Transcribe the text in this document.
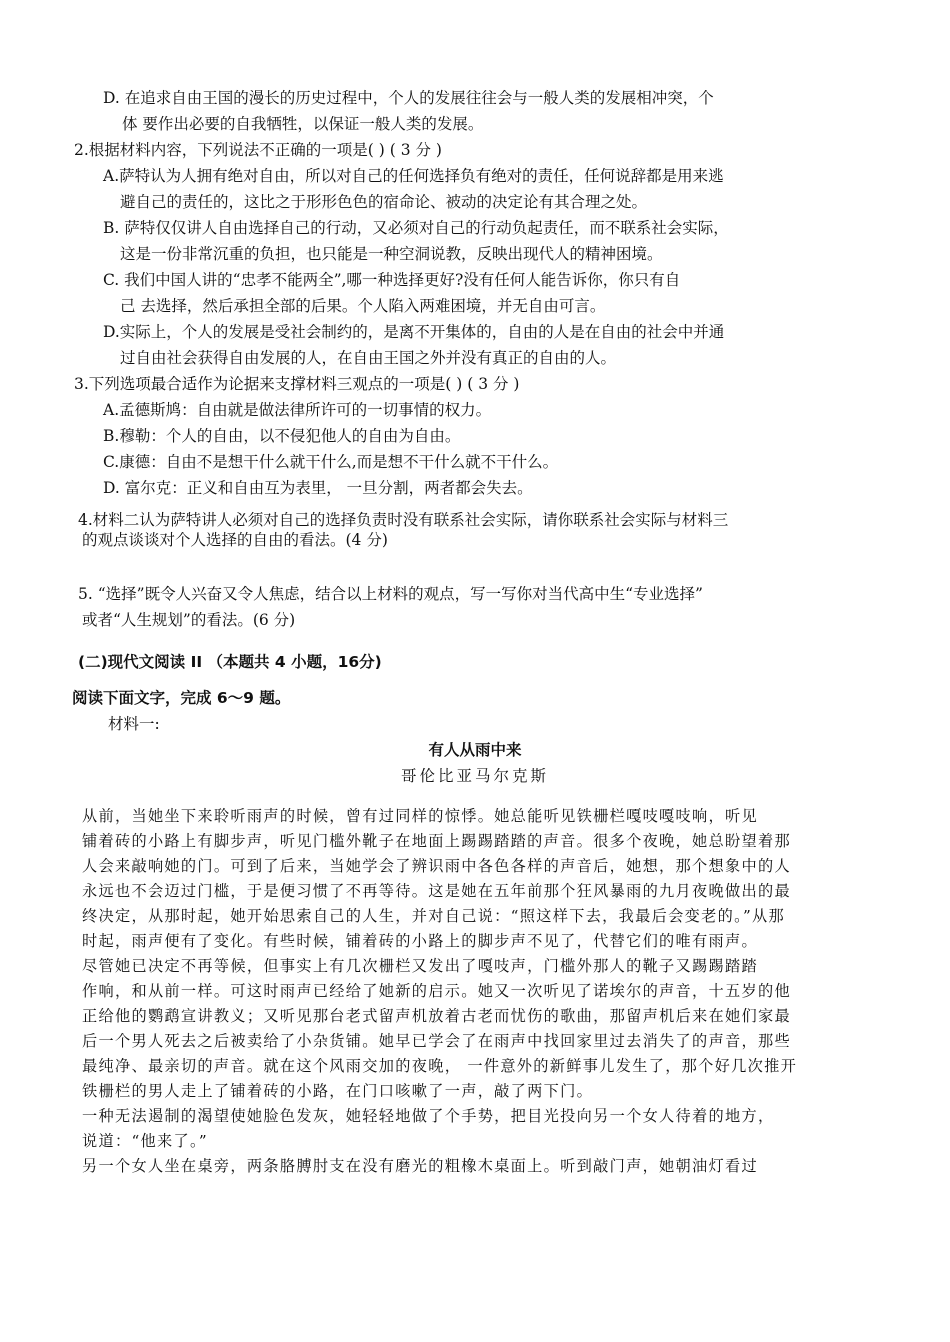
D. 在追求自由王国的漫长的历史过程中，个人的发展往往会与一般人类的发展相冲突，个
体 要作出必要的自我牺牲，以保证一般人类的发展。
2.根据材料内容，下列说法不正确的一项是( ) ( 3 分 )
A.萨特认为人拥有绝对自由，所以对自己的任何选择负有绝对的责任，任何说辞都是用来逃
避自己的责任的，这比之于形形色色的宿命论、被动的决定论有其合理之处。
B. 萨特仅仅讲人自由选择自己的行动，又必须对自己的行动负起责任，而不联系社会实际，
这是一份非常沉重的负担，也只能是一种空洞说教，反映出现代人的精神困境。
C. 我们中国人讲的“忠孝不能两全”,哪一种选择更好?没有任何人能告诉你，你只有自
己 去选择，然后承担全部的后果。个人陷入两难困境，并无自由可言。
D.实际上，个人的发展是受社会制约的，是离不开集体的，自由的人是在自由的社会中并通
过自由社会获得自由发展的人，在自由王国之外并没有真正的自由的人。
3.下列选项最合适作为论据来支撑材料三观点的一项是( ) ( 3 分 )
A.孟德斯鸠：自由就是做法律所许可的一切事情的权力。
B.穆勒：个人的自由，以不侵犯他人的自由为自由。
C.康德：自由不是想干什么就干什么,而是想不干什么就不干什么。
D. 富尔克：正义和自由互为表里， 一旦分割，两者都会失去。
4.材料二认为萨特讲人必须对自己的选择负责时没有联系社会实际，请你联系社会实际与材料三
的观点谈谈对个人选择的自由的看法。(4 分)
5. “选择”既令人兴奋又令人焦虑，结合以上材料的观点，写一写你对当代高中生“专业选择”
或者“人生规划”的看法。(6 分)
(二)现代文阅读 II （本题共 4 小题，16分)
阅读下面文字，完成 6～9 题。
材料一:
有人从雨中来
哥伦比亚马尔克斯
从前，当她坐下来聆听雨声的时候，曾有过同样的惊悸。她总能听见铁栅栏嘎吱嘎吱响，听见
铺着砖的小路上有脚步声，听见门槛外靴子在地面上踢踢踏踏的声音。很多个夜晚，她总盼望着那
人会来敲响她的门。可到了后来，当她学会了辨识雨中各色各样的声音后，她想，那个想象中的人
永远也不会迈过门槛，于是便习惯了不再等待。这是她在五年前那个狂风暴雨的九月夜晚做出的最
终决定，从那时起，她开始思索自己的人生，并对自己说：“照这样下去，我最后会变老的。”从那
时起，雨声便有了变化。有些时候，铺着砖的小路上的脚步声不见了，代替它们的唯有雨声。
尽管她已决定不再等候，但事实上有几次栅栏又发出了嘎吱声，门槛外那人的靴子又踢踢踏踏
作响，和从前一样。可这时雨声已经给了她新的启示。她又一次听见了诺埃尔的声音，十五岁的他
正给他的鹦鹉宣讲教义；又听见那台老式留声机放着古老而忧伤的歌曲，那留声机后来在她们家最
后一个男人死去之后被卖给了小杂货铺。她早已学会了在雨声中找回家里过去消失了的声音，那些
最纯净、最亲切的声音。就在这个风雨交加的夜晚， 一件意外的新鲜事儿发生了，那个好几次推开
铁栅栏的男人走上了铺着砖的小路，在门口咳嗽了一声，敲了两下门。
一种无法遏制的渴望使她脸色发灰，她轻轻地做了个手势，把目光投向另一个女人待着的地方，
说道：“他来了。”
另一个女人坐在桌旁，两条胳膊肘支在没有磨光的粗橡木桌面上。听到敲门声，她朝油灯看过
